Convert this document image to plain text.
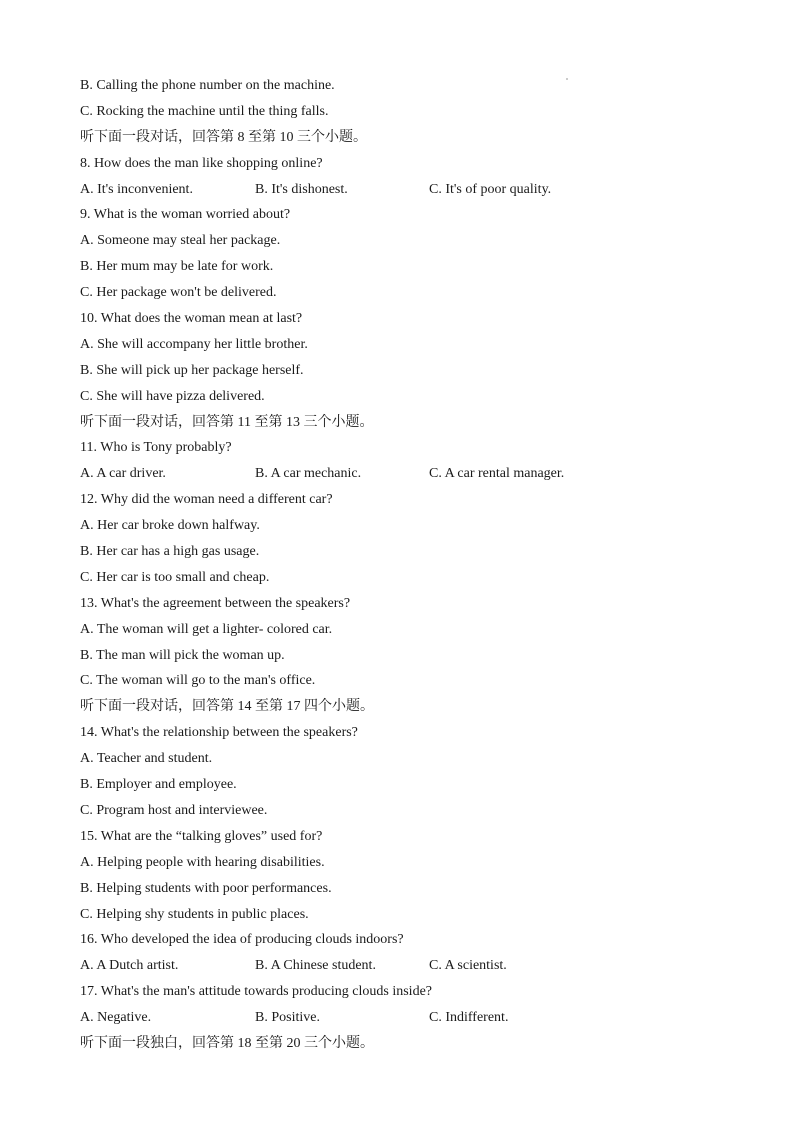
B. Calling the phone number on the machine.
C. Rocking the machine until the thing falls.
听下面一段对话，回答第 8 至第 10 三个小题。
8. How does the man like shopping online?
A. It's inconvenient.	B. It's dishonest.	C. It's of poor quality.
9. What is the woman worried about?
A. Someone may steal her package.
B. Her mum may be late for work.
C. Her package won't be delivered.
10. What does the woman mean at last?
A. She will accompany her little brother.
B. She will pick up her package herself.
C. She will have pizza delivered.
听下面一段对话，回答第 11 至第 13 三个小题。
11. Who is Tony probably?
A. A car driver.	B. A car mechanic.	C. A car rental manager.
12. Why did the woman need a different car?
A. Her car broke down halfway.
B. Her car has a high gas usage.
C. Her car is too small and cheap.
13. What's the agreement between the speakers?
A. The woman will get a lighter- colored car.
B. The man will pick the woman up.
C. The woman will go to the man's office.
听下面一段对话，回答第 14 至第 17 四个小题。
14. What's the relationship between the speakers?
A. Teacher and student.
B. Employer and employee.
C. Program host and interviewee.
15. What are the “talking gloves” used for?
A. Helping people with hearing disabilities.
B. Helping students with poor performances.
C. Helping shy students in public places.
16. Who developed the idea of producing clouds indoors?
A. A Dutch artist.	B. A Chinese student.	C. A scientist.
17. What's the man's attitude towards producing clouds inside?
A. Negative.	B. Positive.	C. Indifferent.
听下面一段独白，回答第 18 至第 20 三个小题。
